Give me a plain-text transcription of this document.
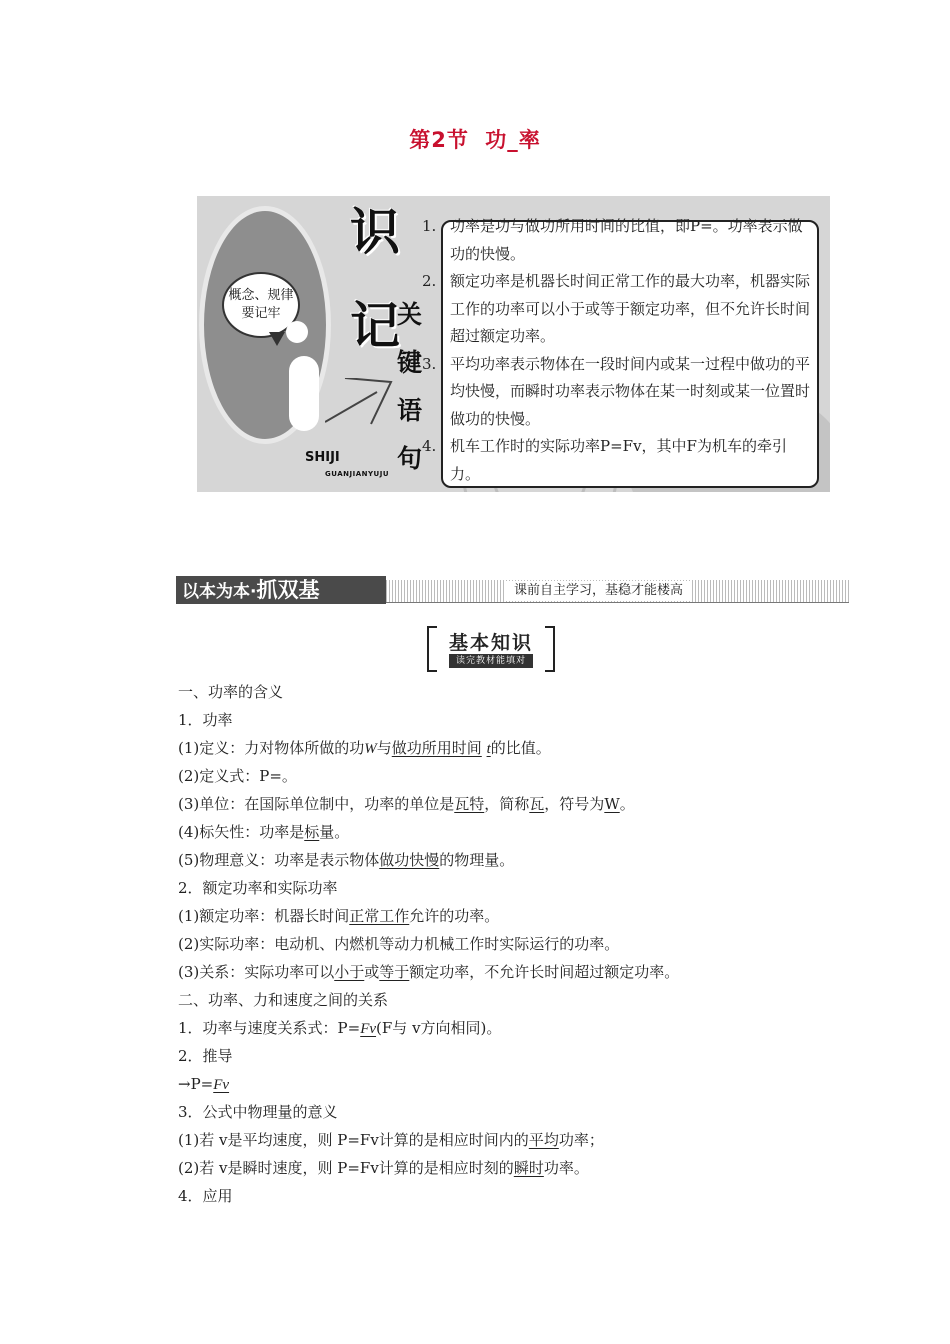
第2节 功_率
概念、规律要记牢
SHIJI
GUANJIANYUJU
识
记
关
键
语
句
1. 功率是功与做功所用时间的比值，即P=。功率表示做功的快慢。
2. 额定功率是机器长时间正常工作的最大功率，机器实际工作的功率可以小于或等于额定功率，但不允许长时间超过额定功率。
3. 平均功率表示物体在一段时间内或某一过程中做功的平均快慢，而瞬时功率表示物体在某一时刻或某一位置时做功的快慢。
4. 机车工作时的实际功率P=Fv，其中F为机车的牵引力。
以本为本·抓双基	课前自主学习，基稳才能楼高
基本知识
读完教材能填对
一、功率的含义
1．功率
(1)定义：力对物体所做的功W与做功所用时间 t的比值。
(2)定义式：P=。
(3)单位：在国际单位制中，功率的单位是瓦特，简称瓦，符号为W。
(4)标矢性：功率是标量。
(5)物理意义：功率是表示物体做功快慢的物理量。
2．额定功率和实际功率
(1)额定功率：机器长时间正常工作允许的功率。
(2)实际功率：电动机、内燃机等动力机械工作时实际运行的功率。
(3)关系：实际功率可以小于或等于额定功率，不允许长时间超过额定功率。
二、功率、力和速度之间的关系
1．功率与速度关系式：P=Fv(F与 v方向相同)。
2．推导
→P=Fv
3．公式中物理量的意义
(1)若 v是平均速度，则 P=Fv计算的是相应时间内的平均功率；
(2)若 v是瞬时速度，则 P=Fv计算的是相应时刻的瞬时功率。
4．应用
